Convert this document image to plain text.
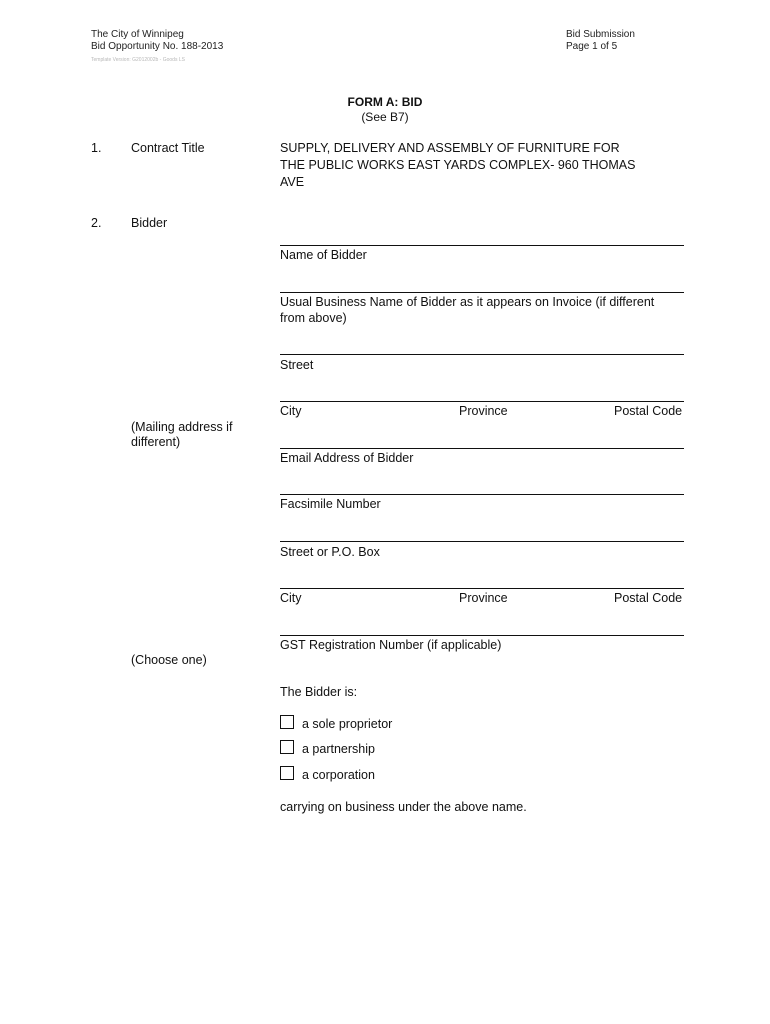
The City of Winnipeg
Bid Opportunity No. 188-2013
Template Version: G2012002b - Goods LS
Bid Submission
Page 1 of 5
FORM A: BID
(See B7)
1. Contract Title	SUPPLY, DELIVERY AND ASSEMBLY OF FURNITURE FOR
THE PUBLIC WORKS EAST YARDS COMPLEX- 960 THOMAS
AVE
2. Bidder
Name of Bidder
Usual Business Name of Bidder as it appears on Invoice (if different
from above)
Street
City	Province	Postal Code
Email Address of Bidder
(Mailing address if
different)
Facsimile Number
Street or P.O. Box
City	Province	Postal Code
GST Registration Number (if applicable)
(Choose one)
The Bidder is:
a sole proprietor
a partnership
a corporation
carrying on business under the above name.
